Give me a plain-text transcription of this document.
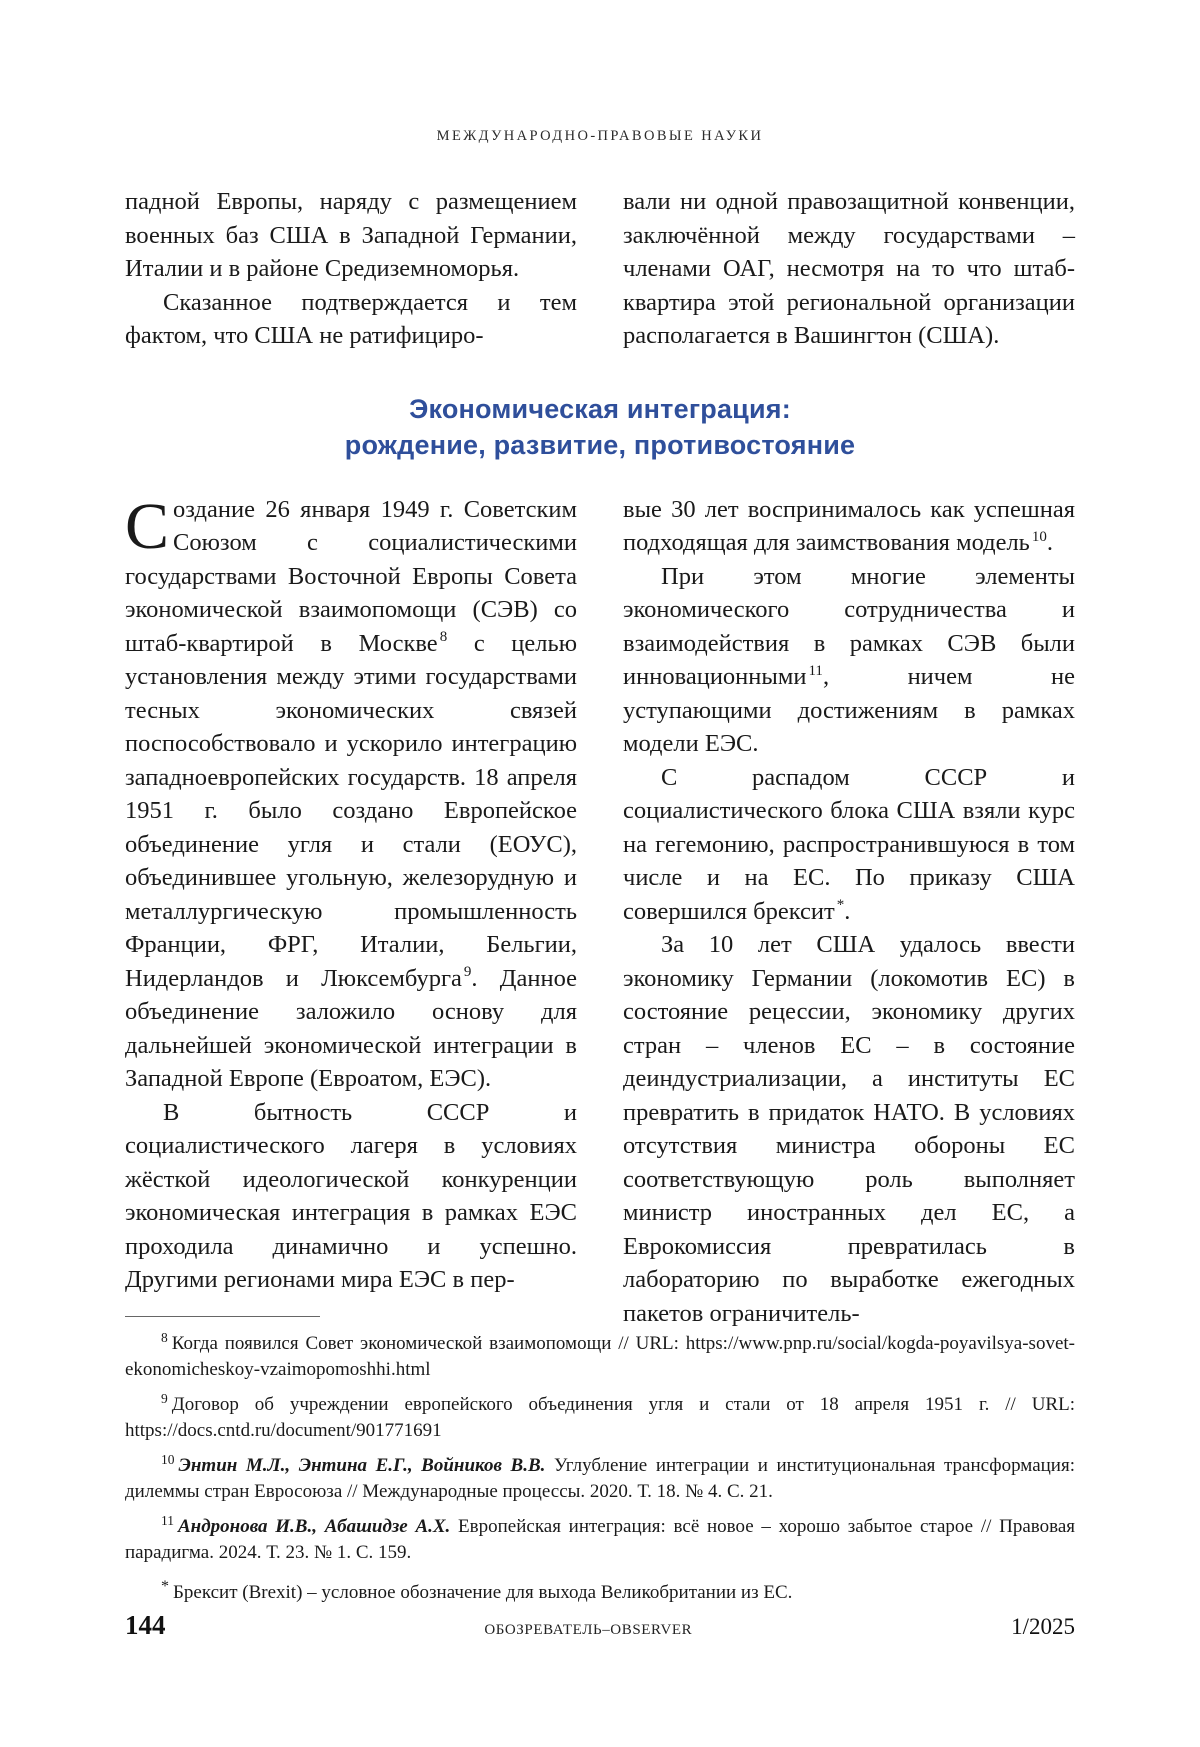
МЕЖДУНАРОДНО-ПРАВОВЫЕ НАУКИ

падной Европы, наряду с размещением военных баз США в Западной Германии, Италии и в районе Средиземноморья.

Сказанное подтверждается и тем фактом, что США не ратифициро-

вали ни одной правозащитной конвенции, заключённой между государствами – членами ОАГ, несмотря на то что штаб-квартира этой региональной организации располагается в Вашингтон (США).

Экономическая интеграция:
рождение, развитие, противостояние

Создание 26 января 1949 г. Советским Союзом с социалистическими государствами Восточной Европы Совета экономической взаимопомощи (СЭВ) со штаб-квартирой в Москве $^8$ с целью установления между этими государствами тесных экономических связей поспособствовало и ускорило интеграцию западноевропейских государств. 18 апреля 1951 г. было создано Европейское объединение угля и стали (ЕОУС), объединившее угольную, железорудную и металлургическую промышленность Франции, ФРГ, Италии, Бельгии, Нидерландов и Люксембурга $^9$. Данное объединение заложило основу для дальнейшей экономической интеграции в Западной Европе (Евроатом, ЕЭС).

В бытность СССР и социалистического лагеря в условиях жёсткой идеологической конкуренции экономическая интеграция в рамках ЕЭС проходила динамично и успешно. Другими регионами мира ЕЭС в пер-

вые 30 лет воспринималось как успешная подходящая для заимствования модель $^{10}$.

При этом многие элементы экономического сотрудничества и взаимодействия в рамках СЭВ были инновационными $^{11}$, ничем не уступающими достижениям в рамках модели ЕЭС.

С распадом СССР и социалистического блока США взяли курс на гегемонию, распространившуюся в том числе и на ЕС. По приказу США совершился брексит *.

За 10 лет США удалось ввести экономику Германии (локомотив ЕС) в состояние рецессии, экономику других стран – членов ЕС – в состояние деиндустриализации, а институты ЕС превратить в придаток НАТО. В условиях отсутствия министра обороны ЕС соответствующую роль выполняет министр иностранных дел ЕС, а Еврокомиссия превратилась в лабораторию по выработке ежегодных пакетов ограничитель-

$^8$ Когда появился Совет экономической взаимопомощи // URL: https://www.pnp.ru/social/kogda-poyavilsya-sovet-ekonomicheskoy-vzaimopomoshhi.html

$^9$ Договор об учреждении европейского объединения угля и стали от 18 апреля 1951 г. // URL: https://docs.cntd.ru/document/901771691

$^{10}$ Энтин М.Л., Энтина Е.Г., Войников В.В. Углубление интеграции и институциональная трансформация: дилеммы стран Евросоюза // Международные процессы. 2020. Т. 18. № 4. С. 21.

$^{11}$ Андронова И.В., Абашидзе А.Х. Европейская интеграция: всё новое – хорошо забытое старое // Правовая парадигма. 2024. Т. 23. № 1. С. 159.

* Брексит (Brexit) – условное обозначение для выхода Великобритании из ЕС.

144	ОБОЗРЕВАТЕЛЬ–OBSERVER	1/2025
